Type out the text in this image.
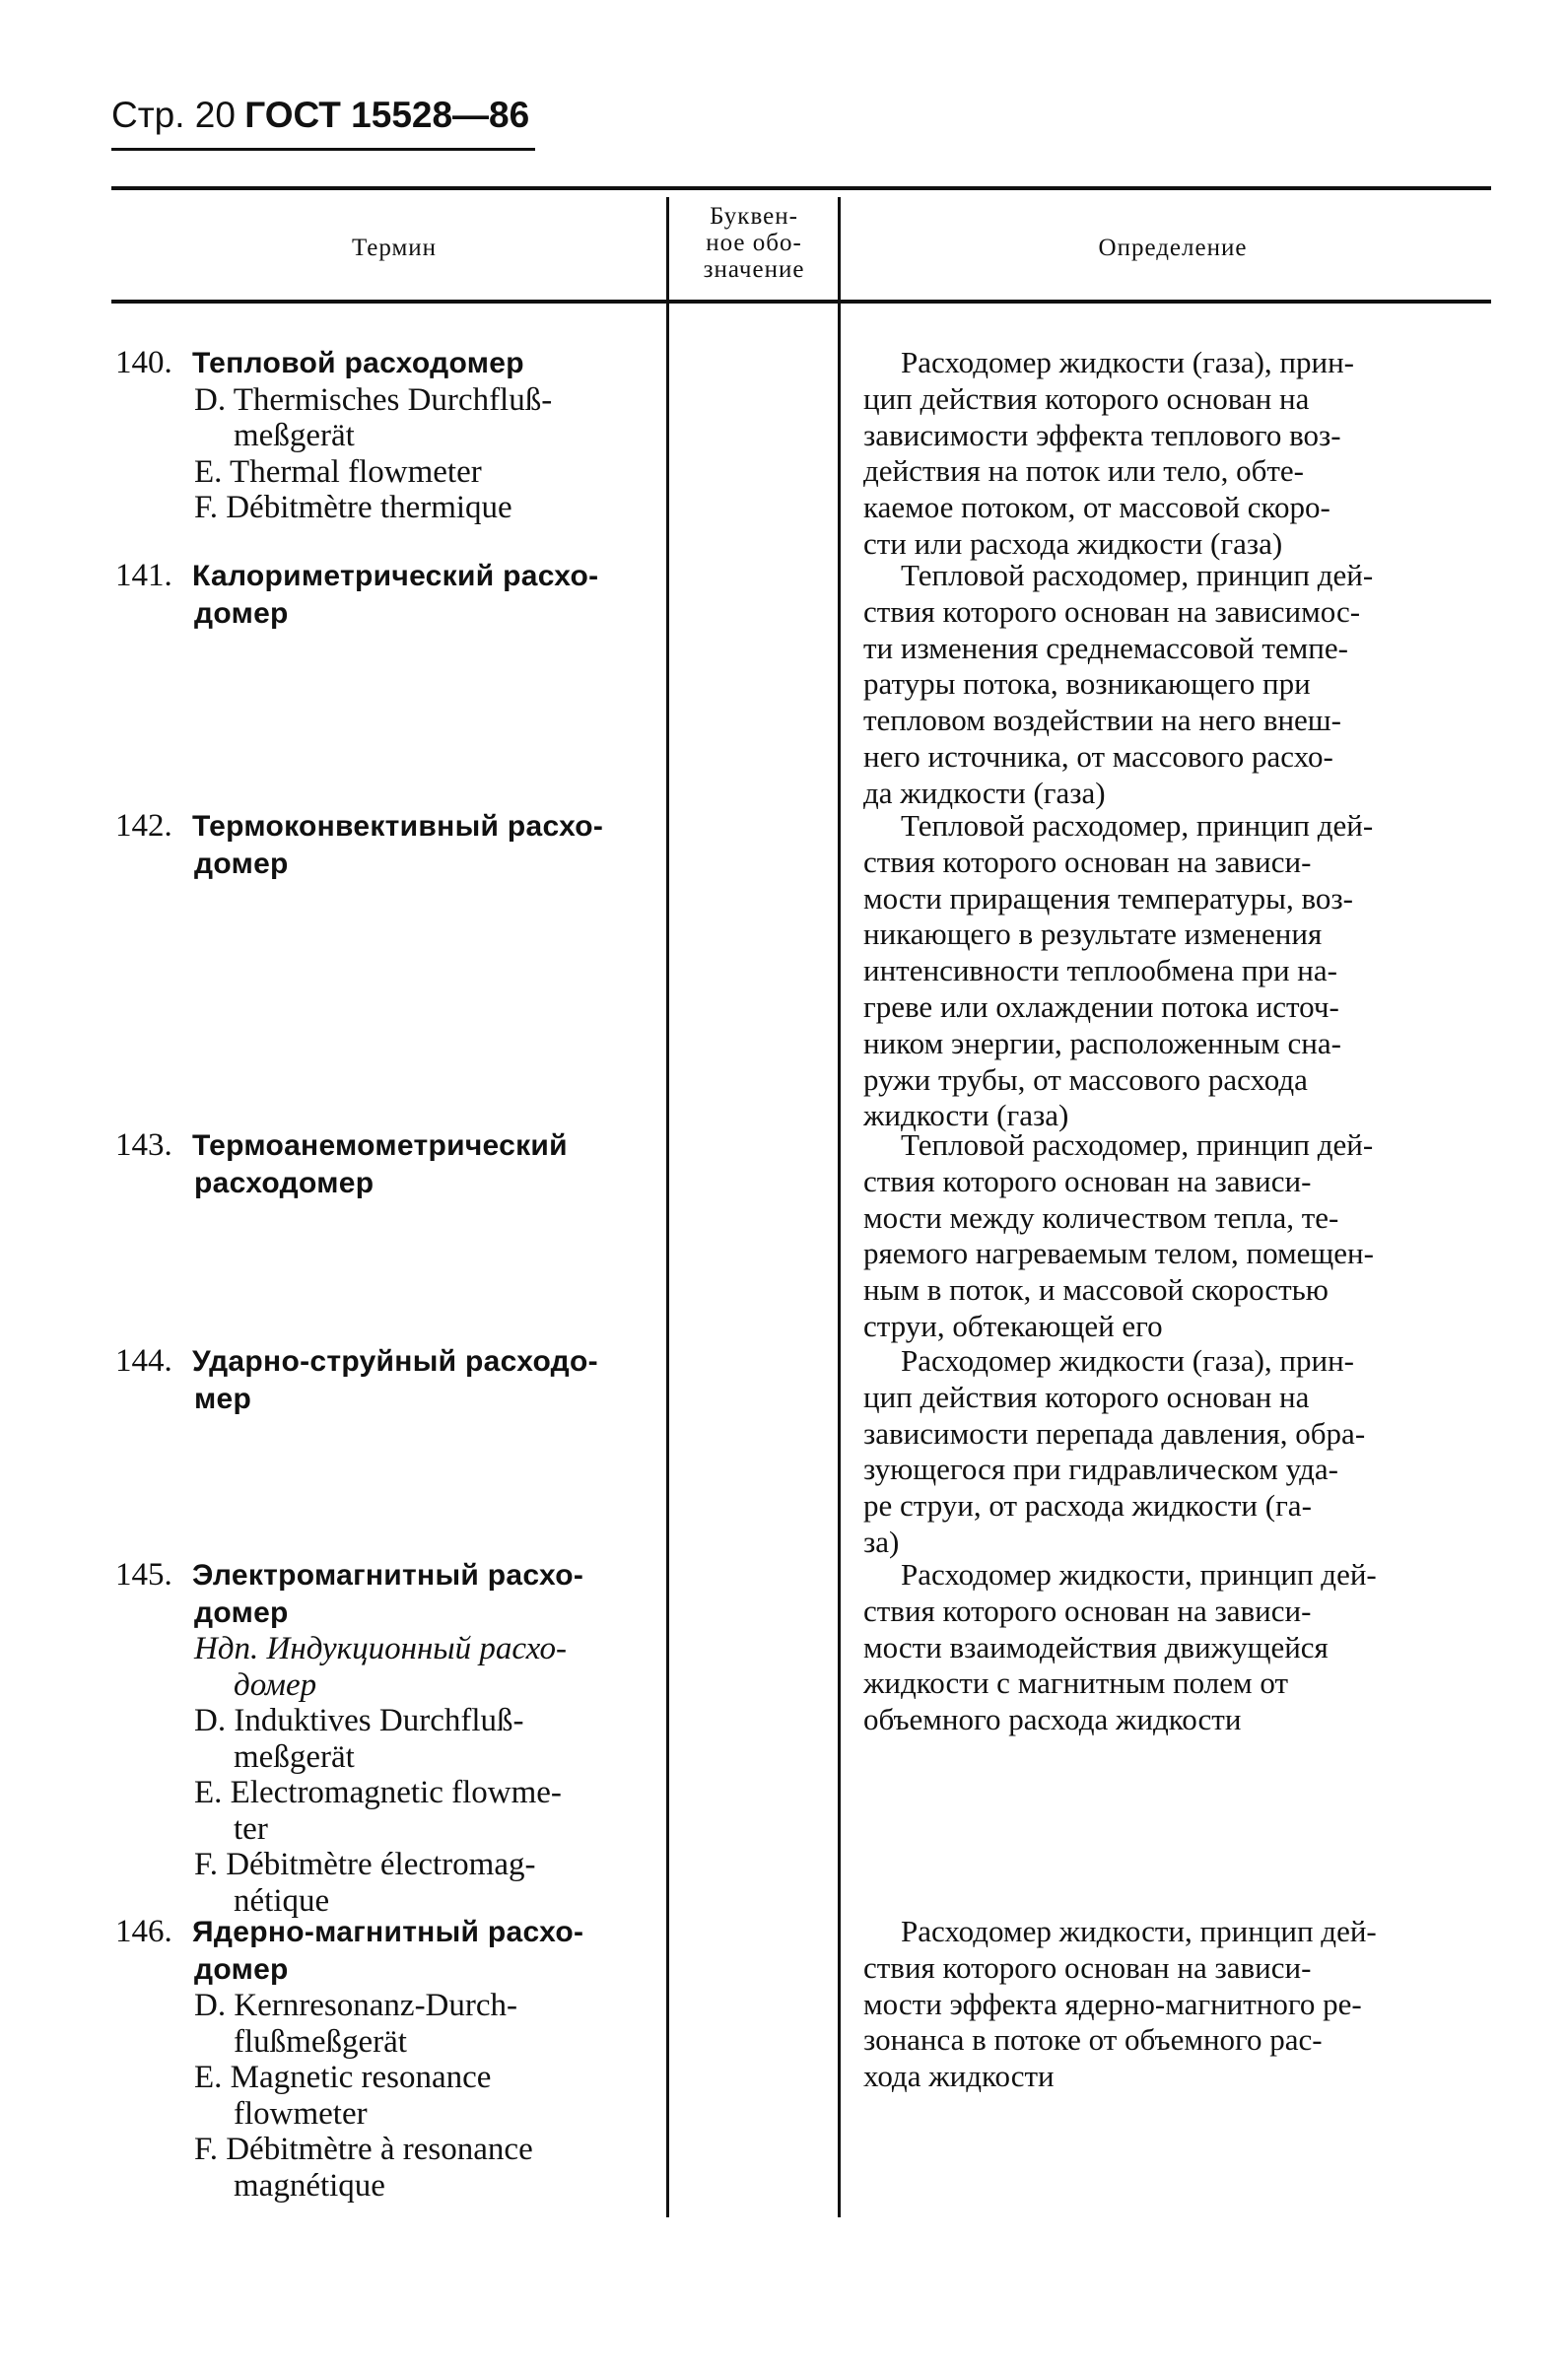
Стр. 20 ГОСТ 15528—86
Термин
Буквен-
ное обо-
значение
Определение
140. Тепловой расходомер
D. Thermisches Durchfluß-
meßgerät
E. Thermal flowmeter
F. Débitmètre thermique
Расходомер жидкости (газа), прин-
цип действия которого основан на
зависимости эффекта теплового воз-
действия на поток или тело, обте-
каемое потоком, от массовой скоро-
сти или расхода жидкости (газа)
141. Калориметрический расхо-
домер
Тепловой расходомер, принцип дей-
ствия которого основан на зависимос-
ти изменения среднемассовой темпе-
ратуры потока, возникающего при
тепловом воздействии на него внеш-
него источника, от массового расхо-
да жидкости (газа)
142. Термоконвективный расхо-
домер
Тепловой расходомер, принцип дей-
ствия которого основан на зависи-
мости приращения температуры, воз-
никающего в результате изменения
интенсивности теплообмена при на-
греве или охлаждении потока источ-
ником энергии, расположенным сна-
ружи трубы, от массового расхода
жидкости (газа)
143. Термоанемометрический
расходомер
Тепловой расходомер, принцип дей-
ствия которого основан на зависи-
мости между количеством тепла, те-
ряемого нагреваемым телом, помещен-
ным в поток, и массовой скоростью
струи, обтекающей его
144. Ударно-струйный расходо-
мер
Расходомер жидкости (газа), прин-
цип действия которого основан на
зависимости перепада давления, обра-
зующегося при гидравлическом уда-
ре струи, от расхода жидкости (га-
за)
145. Электромагнитный расхо-
домер
Ндп. Индукционный расхо-
домер
D. Induktives Durchfluß-
meßgerät
E. Electromagnetic flowme-
ter
F. Débitmètre électromag-
nétique
Расходомер жидкости, принцип дей-
ствия которого основан на зависи-
мости взаимодействия движущейся
жидкости с магнитным полем от
объемного расхода жидкости
146. Ядерно-магнитный расхо-
домер
D. Kernresonanz-Durch-
flußmeßgerät
E. Magnetic resonance
flowmeter
F. Débitmètre à resonance
magnétique
Расходомер жидкости, принцип дей-
ствия которого основан на зависи-
мости эффекта ядерно-магнитного ре-
зонанса в потоке от объемного рас-
хода жидкости
